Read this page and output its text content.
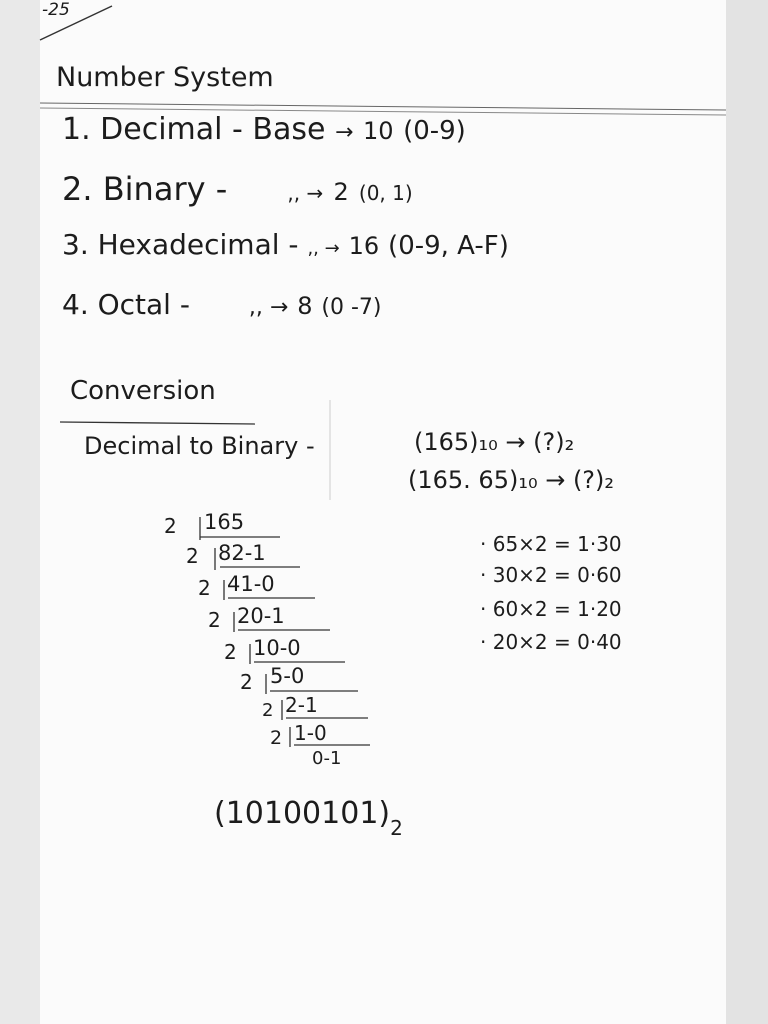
-25
Number System
1. Decimal - Base → 10 (0-9)
2. Binary -	,, → 2 (0, 1)
3. Hexadecimal - ,, → 16 (0-9, A-F)
4. Octal -	,, → 8 (0 -7)
Conversion
Decimal to Binary -	(165)₁₀ → (?)₂
(165. 65)₁₀ → (?)₂
2 165
2 82-1
2 41-0
2 20-1
2 10-0
2 5-0
2 2-1
2 1-0
0-1
· 65×2 = 1·30
· 30×2 = 0·60
· 60×2 = 1·20
· 20×2 = 0·40
$(10100101)_2$
